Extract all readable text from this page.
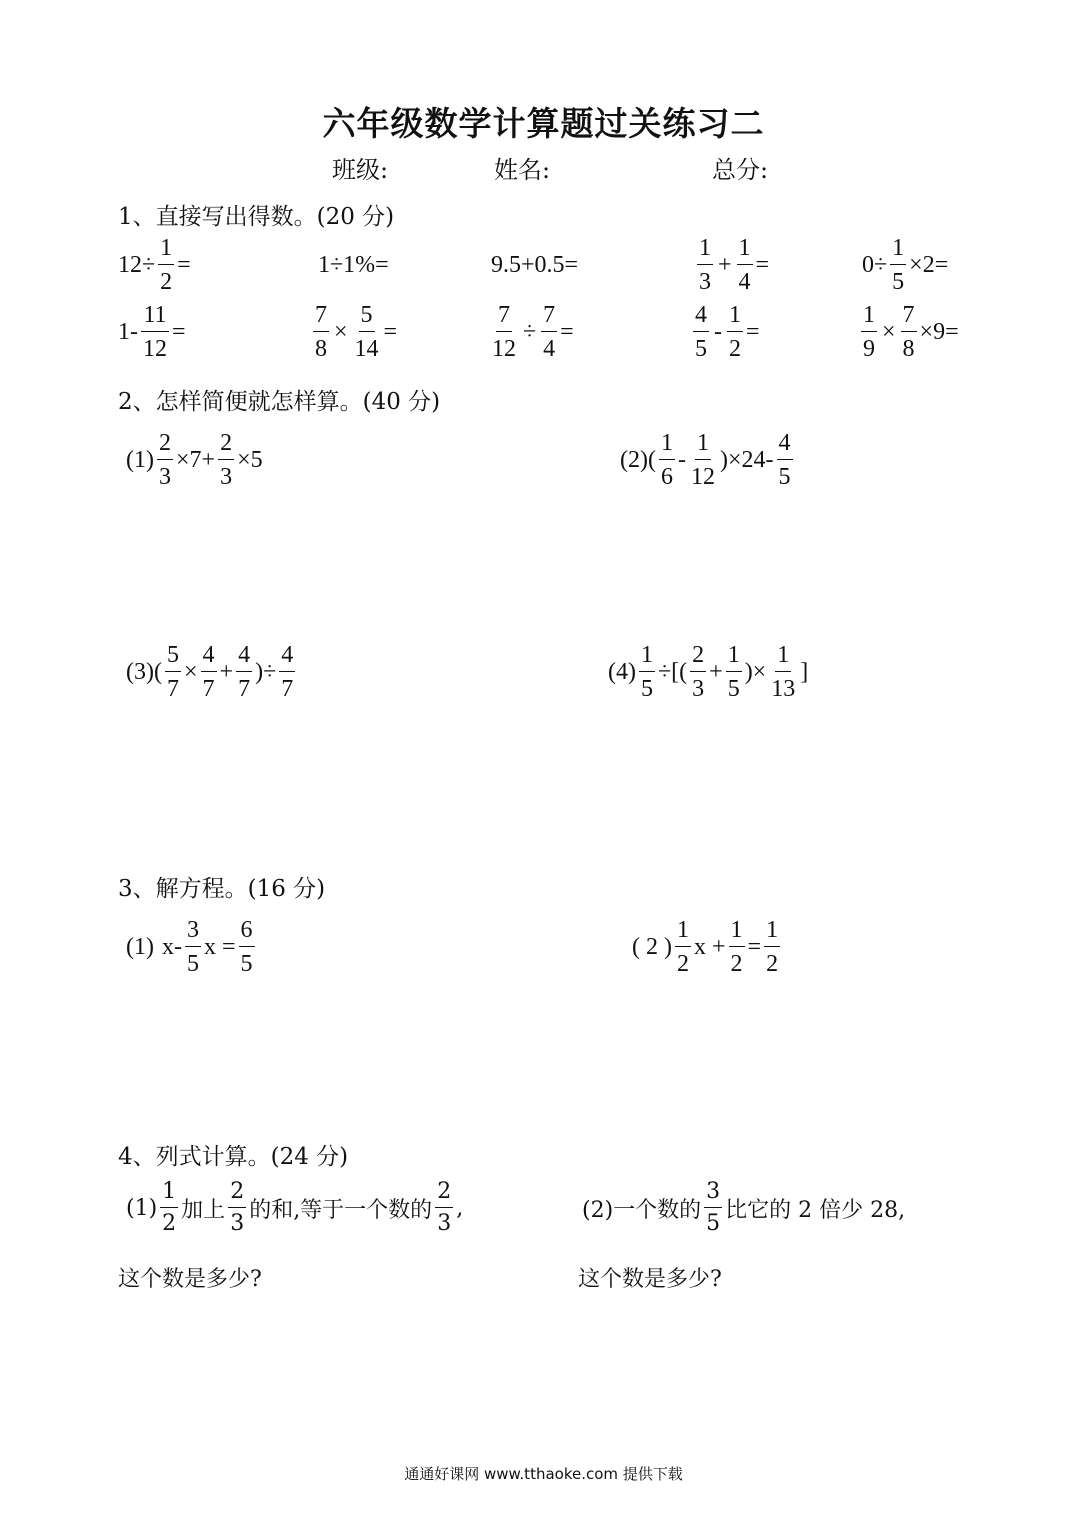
六年级数学计算题过关练习二
班级:	姓名:	总分:
1、直接写出得数。(20 分)
$12\div \frac{1}{2}$ =	1÷1%=	9.5+0.5=	$\frac{1}{3} + \frac{1}{4}$ =	$0\div \frac{1}{5} \times 2=$
$1- \frac{11}{12}$ =	$\frac{7}{8} \times \frac{5}{14}$ =	$\frac{7}{12} \div \frac{7}{4}$ =	$\frac{4}{5} - \frac{1}{2}$ =	$\frac{1}{9} \times \frac{7}{8} \times 9=$
2、怎样简便就怎样算。(40 分)
$(1) \frac{2}{3} \times 7+ \frac{2}{3} \times 5$	$(2)( \frac{1}{6} - \frac{1}{12} )\times 24- \frac{4}{5}$
$(3)( \frac{5}{7} \times \frac{4}{7} + \frac{4}{7}$ )÷ $\frac{4}{7}$	$(4) \frac{1}{5}$ ÷[( $\frac{2}{3} + \frac{1}{5}$ )× $\frac{1}{13}$ ]
3、解方程。(16 分)
(1) $x- \frac{3}{5}$ $x = \frac{6}{5}$	( 2 ) $\frac{1}{2}$ $x + \frac{1}{2} = \frac{1}{2}$
4、列式计算。(24 分)
$(1) \frac{1}{2}$ 加上 $\frac{2}{3}$ 的和,等于一个数的 $\frac{2}{3}$ ,
这个数是多少?
(2)一个数的 $\frac{3}{5}$ 比它的 2 倍少 28,
这个数是多少?
通通好课网 www.tthaoke.com 提供下载
